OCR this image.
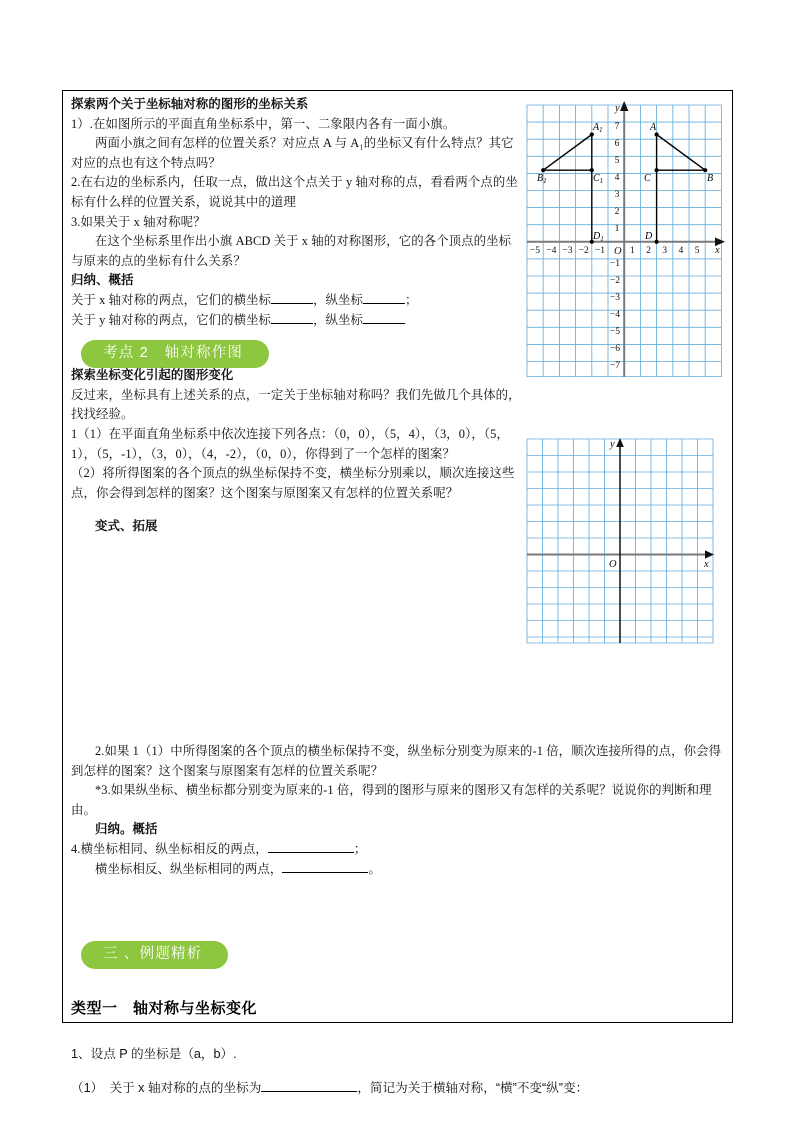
探索两个关于坐标轴对称的图形的坐标关系
1）.在如图所示的平面直角坐标系中，第一、二象限内各有一面小旗。
两面小旗之间有怎样的位置关系？对应点 A 与 A₁的坐标又有什么特点？其它对应的点也有这个特点吗？
2.在右边的坐标系内，任取一点，做出这个点关于 y 轴对称的点，看看两个点的坐标有什么样的位置关系，说说其中的道理
3.如果关于 x 轴对称呢？
在这个坐标系里作出小旗 ABCD 关于 x 轴的对称图形，它的各个顶点的坐标与原来的点的坐标有什么关系？
归纳、概括
关于 x 轴对称的两点，它们的横坐标	，纵坐标	；
关于 y 轴对称的两点，它们的横坐标	，纵坐标
考点 2　轴对称作图
探索坐标变化引起的图形变化
反过来，坐标具有上述关系的点，一定关于坐标轴对称吗？我们先做几个具体的，找找经验。
1（1）在平面直角坐标系中依次连接下列各点：（0，0），（5，4），（3，0），（5，1），（5，-1），（3，0），（4，-2），（0，0），你得到了一个怎样的图案？
（2）将所得图案的各个顶点的纵坐标保持不变，横坐标分别乘以，顺次连接这些点，你会得到怎样的图案？这个图案与原图案又有怎样的位置关系呢？
变式、拓展
2.如果 1（1）中所得图案的各个顶点的横坐标保持不变，纵坐标分别变为原来的-1 倍，顺次连接所得的点，你会得到怎样的图案？这个图案与原图案有怎样的位置关系呢？
*3.如果纵坐标、横坐标都分别变为原来的-1 倍，得到的图形与原来的图形又有怎样的关系呢？说说你的判断和理由。
归纳。概括
4.横坐标相同、纵坐标相反的两点，	；
横坐标相反、纵坐标相同的两点，	。
三 、例题精析
类型一　轴对称与坐标变化
1、设点 P 的坐标是（a，b）.
（1）　关于 x 轴对称的点的坐标为	，简记为关于横轴对称，“横”不变“纵”变：
y
x
O
−5 −4 −3 −2 −1	1 2 3 4 5
7
6
5
4
3
2
1
−1
−2
−3
−4
−5
−6
−7
A
B
C
D
$A_1$
$B_1$	$C_1$
$D_1$
y
x
O
